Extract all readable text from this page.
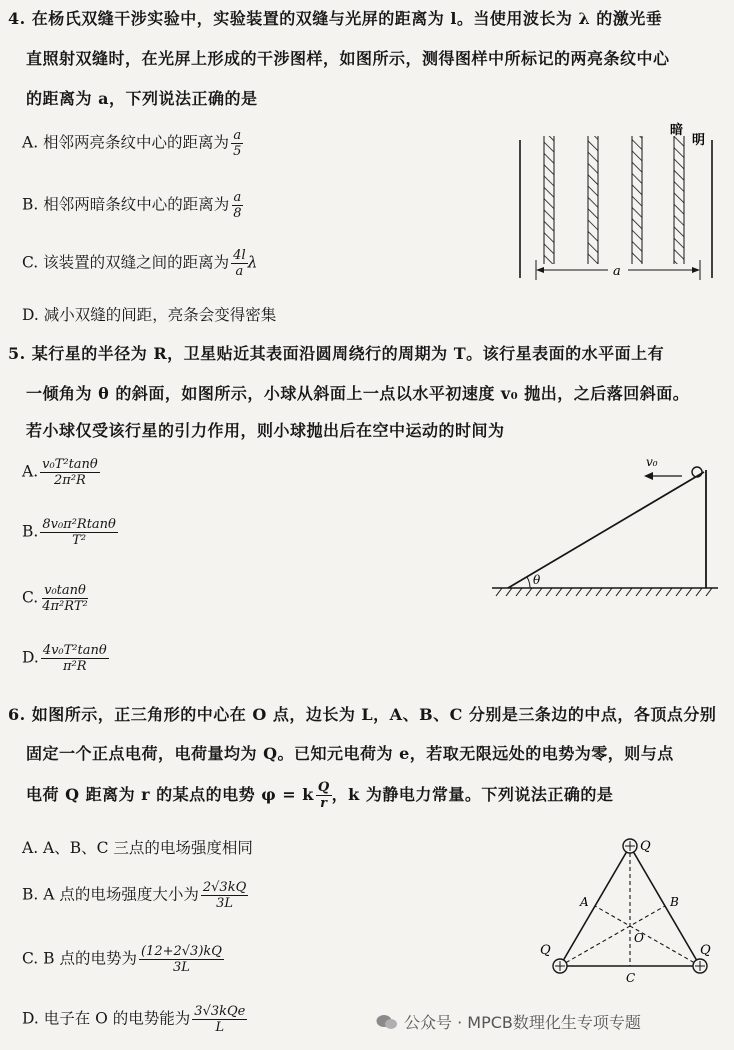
4. 在杨氏双缝干涉实验中，实验装置的双缝与光屏的距离为 l。当使用波长为 λ 的激光垂
直照射双缝时，在光屏上形成的干涉图样，如图所示，测得图样中所标记的两亮条纹中心
的距离为 a，下列说法正确的是
A. 相邻两亮条纹中心的距离为 $\frac{a}{5}$
B. 相邻两暗条纹中心的距离为 $\frac{a}{8}$
C. 该装置的双缝之间的距离为 $\frac{4l}{a}$ λ
D. 减小双缝的间距，亮条会变得密集
暗
明
a
5. 某行星的半径为 R，卫星贴近其表面沿圆周绕行的周期为 T。该行星表面的水平面上有
一倾角为 θ 的斜面，如图所示，小球从斜面上一点以水平初速度 v₀ 抛出，之后落回斜面。
若小球仅受该行星的引力作用，则小球抛出后在空中运动的时间为
A. $\frac{\text{v₀T²tanθ}}{\text{2π²R}}$
B. $\frac{\text{8v₀π²Rtanθ}}{\text{T²}}$
C. $\frac{\text{v₀tanθ}}{\text{4π²RT²}}$
D. $\frac{\text{4v₀T²tanθ}}{\text{π²R}}$
v₀
θ
6. 如图所示，正三角形的中心在 O 点，边长为 L，A、B、C 分别是三条边的中点，各顶点分别
固定一个正点电荷，电荷量均为 Q。已知元电荷为 e，若取无限远处的电势为零，则与点
电荷 Q 距离为 r 的某点的电势 φ = k $\frac{Q}{r}$ ，k 为静电力常量。下列说法正确的是
A. A、B、C 三点的电场强度相同
B. A 点的电场强度大小为 $\frac{2√3kQ}{3L}$
C. B 点的电势为 $\frac{(12+2√3)kQ}{3L}$
D. 电子在 O 的电势能为 $\frac{\text{3√3kQe}}{L}$
Q
Q	Q
A	B
C
O
公众号 · MPCB数理化生专项专题
